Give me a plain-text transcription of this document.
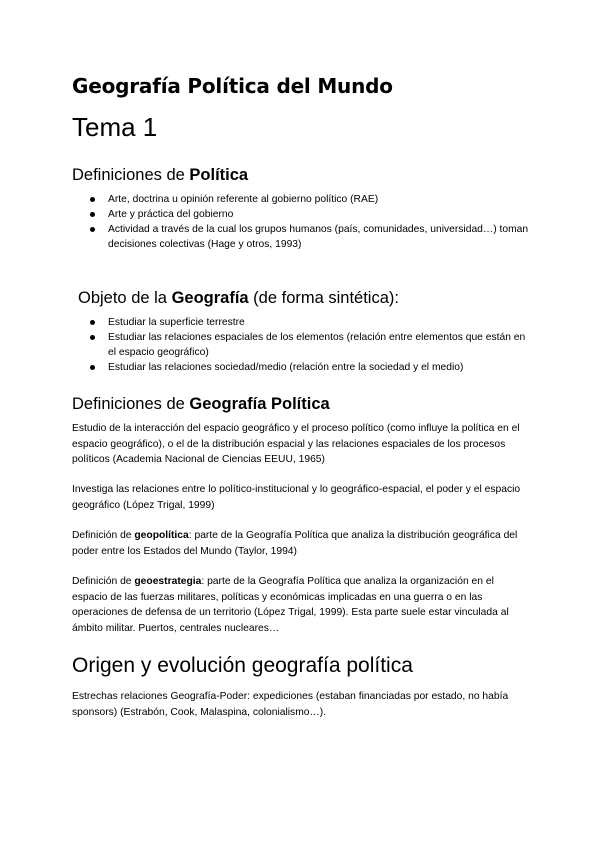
Geografía Política del Mundo
Tema 1
Definiciones de Política
Arte, doctrina u opinión referente al gobierno político (RAE)
Arte y práctica del gobierno
Actividad a través de la cual los grupos humanos (país, comunidades, universidad…) toman decisiones colectivas (Hage y otros, 1993)
Objeto de la Geografía (de forma sintética):
Estudiar la superficie terrestre
Estudiar las relaciones espaciales de los elementos (relación entre elementos que están en el espacio geográfico)
Estudiar las relaciones sociedad/medio (relación entre la sociedad y el medio)
Definiciones de Geografía Política

Estudio de la interacción del espacio geográfico y el proceso político (como influye la política en el espacio geográfico), o el de la distribución espacial y las relaciones espaciales de los procesos políticos (Academia Nacional de Ciencias EEUU, 1965)

Investiga las relaciones entre lo político-institucional y lo geográfico-espacial, el poder y el espacio geográfico (López Trigal, 1999)

Definición de geopolítica: parte de la Geografía Política que analiza la distribución geográfica del poder entre los Estados del Mundo (Taylor, 1994)

Definición de geoestrategia: parte de la Geografía Política que analiza la organización en el espacio de las fuerzas militares, políticas y económicas implicadas en una guerra o en las operaciones de defensa de un territorio (López Trigal, 1999). Esta parte suele estar vinculada al ámbito militar. Puertos, centrales nucleares…

Origen y evolución geografía política

Estrechas relaciones Geografía-Poder: expediciones (estaban financiadas por estado, no había sponsors) (Estrabón, Cook, Malaspina, colonialismo…).
